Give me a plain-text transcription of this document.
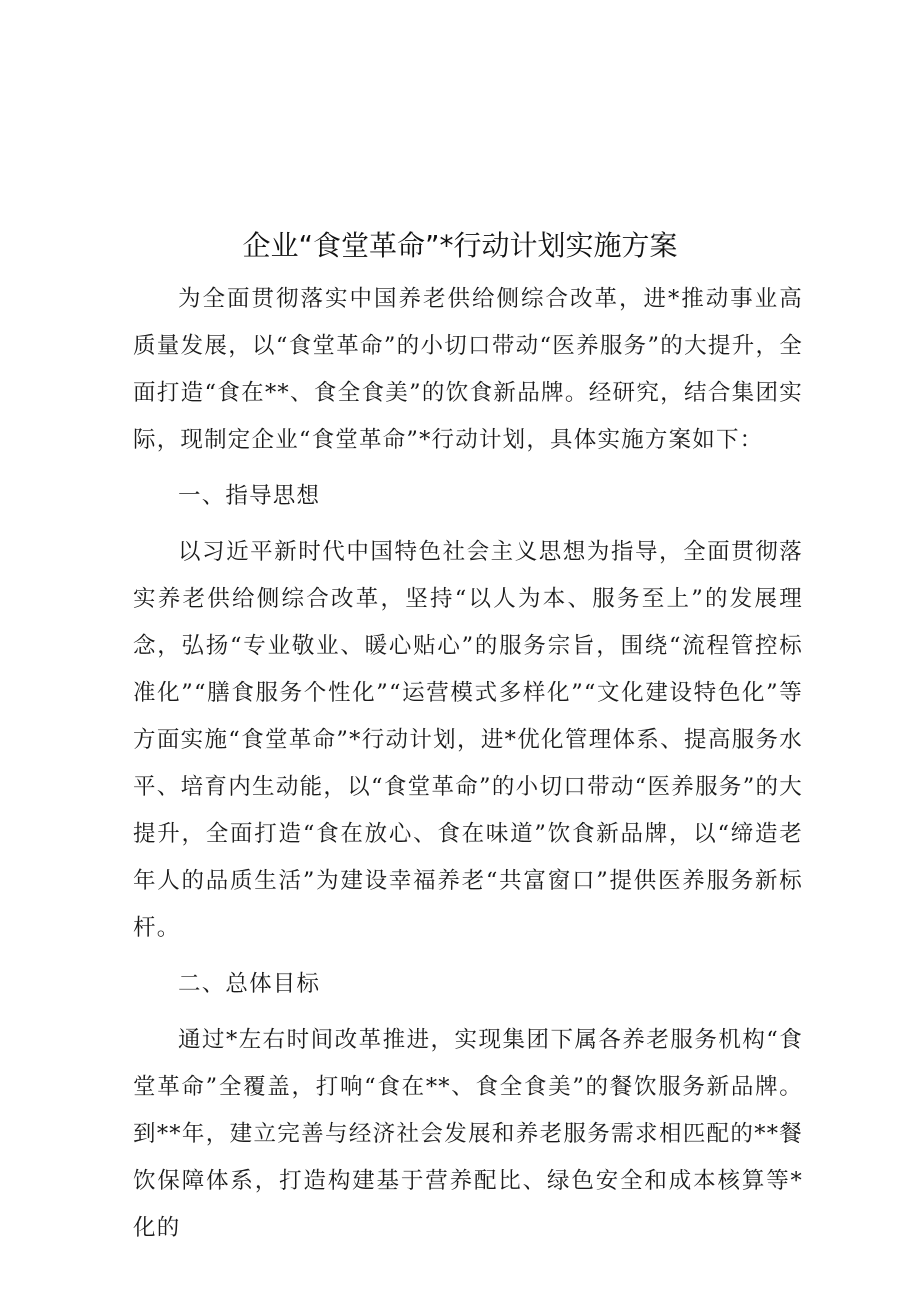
企业“食堂革命”*行动计划实施方案

为全面贯彻落实中国养老供给侧综合改革，进*推动事业高质量发展，以“食堂革命”的小切口带动“医养服务”的大提升，全面打造“食在**、食全食美”的饮食新品牌。经研究，结合集团实际，现制定企业“食堂革命”*行动计划，具体实施方案如下：

一、指导思想

以习近平新时代中国特色社会主义思想为指导，全面贯彻落实养老供给侧综合改革，坚持“以人为本、服务至上”的发展理念，弘扬“专业敬业、暖心贴心”的服务宗旨，围绕“流程管控标准化”“膳食服务个性化”“运营模式多样化”“文化建设特色化”等方面实施“食堂革命”*行动计划，进*优化管理体系、提高服务水平、培育内生动能，以“食堂革命”的小切口带动“医养服务”的大提升，全面打造“食在放心、食在味道”饮食新品牌，以“缔造老年人的品质生活”为建设幸福养老“共富窗口”提供医养服务新标杆。

二、总体目标

通过*左右时间改革推进，实现集团下属各养老服务机构“食堂革命”全覆盖，打响“食在**、食全食美”的餐饮服务新品牌。到**年，建立完善与经济社会发展和养老服务需求相匹配的**餐饮保障体系，打造构建基于营养配比、绿色安全和成本核算等*化的
